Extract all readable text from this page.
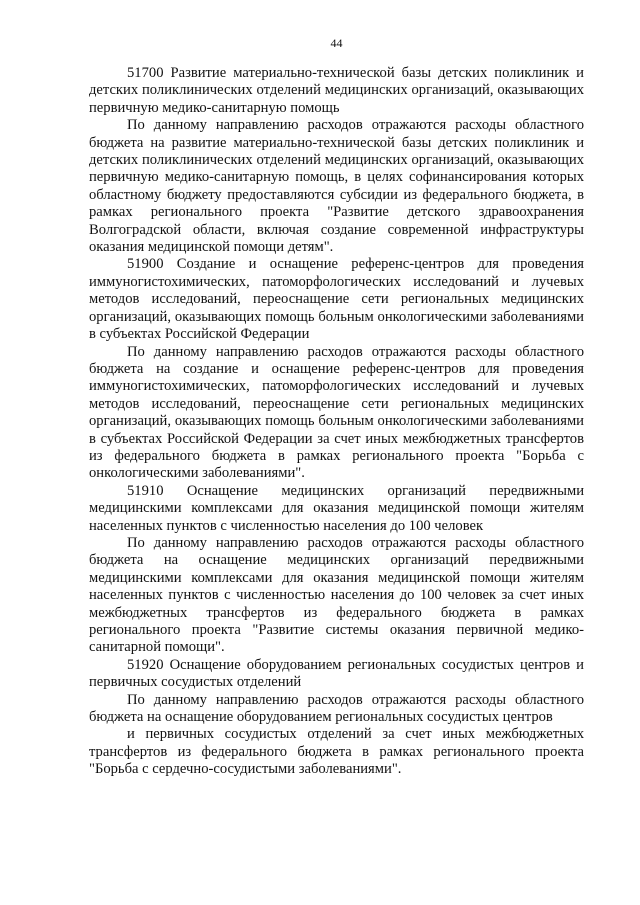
44

51700 Развитие материально-технической базы детских поликлиник и детских поликлинических отделений медицинских организаций, оказывающих первичную медико-санитарную помощь

По данному направлению расходов отражаются расходы областного бюджета на развитие материально-технической базы детских поликлиник и детских поликлинических отделений медицинских организаций, оказывающих первичную медико-санитарную помощь, в целях софинансирования которых областному бюджету предоставляются субсидии из федерального бюджета, в рамках регионального проекта "Развитие детского здравоохранения Волгоградской области, включая создание современной инфраструктуры оказания медицинской помощи детям".

51900 Создание и оснащение референс-центров для проведения иммуногистохимических, патоморфологических исследований и лучевых методов исследований, переоснащение сети региональных медицинских организаций, оказывающих помощь больным онкологическими заболеваниями в субъектах Российской Федерации

По данному направлению расходов отражаются расходы областного бюджета на создание и оснащение референс-центров для проведения иммуногистохимических, патоморфологических исследований и лучевых методов исследований, переоснащение сети региональных медицинских организаций, оказывающих помощь больным онкологическими заболеваниями в субъектах Российской Федерации за счет иных межбюджетных трансфертов из федерального бюджета в рамках регионального проекта "Борьба с онкологическими заболеваниями".

51910 Оснащение медицинских организаций передвижными медицинскими комплексами для оказания медицинской помощи жителям населенных пунктов с численностью населения до 100 человек

По данному направлению расходов отражаются расходы областного бюджета на оснащение медицинских организаций передвижными медицинскими комплексами для оказания медицинской помощи жителям населенных пунктов с численностью населения до 100 человек за счет иных межбюджетных трансфертов из федерального бюджета в рамках регионального проекта "Развитие системы оказания первичной медико-санитарной помощи".

51920 Оснащение оборудованием региональных сосудистых центров и первичных сосудистых отделений

По данному направлению расходов отражаются расходы областного бюджета на оснащение оборудованием региональных сосудистых центров

и первичных сосудистых отделений за счет иных межбюджетных трансфертов из федерального бюджета в рамках регионального проекта "Борьба с сердечно-сосудистыми заболеваниями".
